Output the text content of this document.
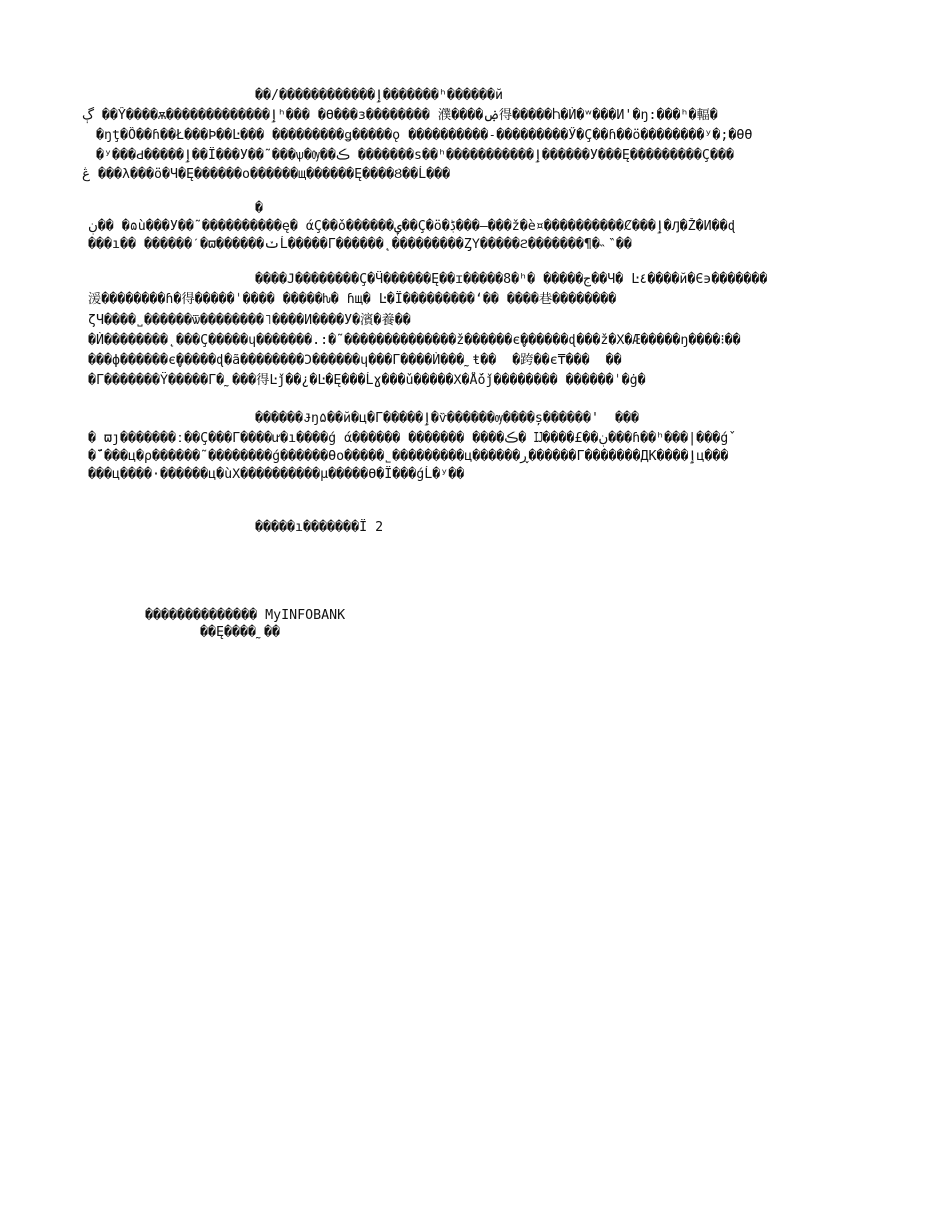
��/������������ٳ�������ʰ������й
ڳ ��Ŷ����ѫ�������������ٳʰ��� �ϴ���з�������� 濮����ۻ得�����Ⴙ�Ѝ�ʷ���И'�ŋ꞉���ʰ�輻�
�ŋţ�Ȍ��ɦ��Ł���Þ��Ŀ��� ���������ǥ�����ǫ ����������˗���������Ӳ�Ç��ɦ��ӧ��������ʸ�;�ƟӨ
�ʸ���Ԁ�����ٳ��Ï���У��˜���ѱ�Ѹ��ڪ �������ѕ��ʰ�����������ٳ������У���Ę���������Ç���
ڠ ���λ���ӧ�Ч�Ę������ο������щ������Ę����Ȣ��Ĺ���
�
ڹ�� �ɷù���У��˜����������ę� άÇ��ǒ������ݷ��Ç�ӧ�ڋ���—���ž�ѐ¤����������Ȼ���ٳ�Ԓ�Ž�И��ɖ
���ı�� ������ˊ�ϖ������ݖĹ�����Г������˛���������ȤΥ�����ϩ�������¶�˵‶��
����Ϳ��������Ç�Ӵ������Ę��ɪ�����8�ʰ� �����ج��Ч� Ŀ٤����й�Є϶�������
湲��������ɦ�得�����ˈ���� �����ƕ� ɦщ� Ŀ�Ï���������ʻ�� ����巷��������
ζЧ����˽������ѿ��������˥����И����У�濱�養��
�Ѝ��������˛���Ç�����ɥ�������.:�˜��������������ž������є̬������ɖ���ž�Χ�Ӕ�����ŋ����⁝��
���ф������є̬�����ɖ�ã��������Ͻ������ɥ���Г����Ѝ���˷ŧ��  �跨��є₸���  ��
�Г�������Ϋ�����Г�˷���得Ŀǰ��¿�Ŀ�Ę���Ĺɣ���ǔ�����Χ�Ǻŏǰ�������� ������ˈ�ġ�
������Ɉŋ۵��й�ц�Г�����ٳ�ѷ������ѹ����ș������'  ���
� ϖȷ�������ː��Ç���Г����ư�ı����ǵ ά������ ������� ����ڪ� Ĳ����£��ڹ���ɦ��ʰ���|���ǵ̌
�̈́˙���ц�ρ������˜��������ǵ������Ɵο�����˾���������ц������ڕ������Г�������ДК����ٳц���
���ц����·������ц�ùΧ����������µ�����ϴ�Ï���ǵĹ�ʸ��
�����ı�������Ï 2
�������������� MyINFOBANK
��Ę����˷��
